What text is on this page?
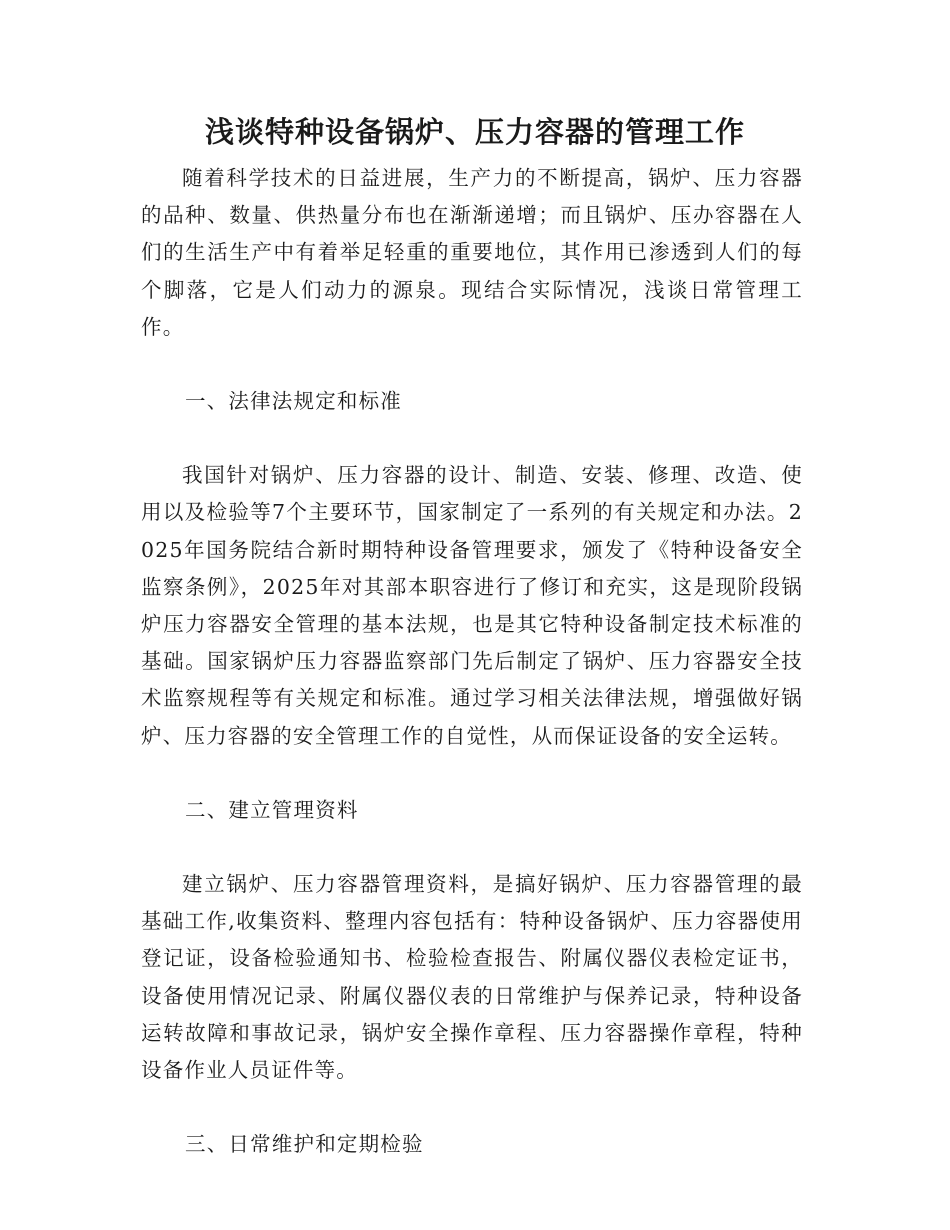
浅谈特种设备锅炉、压力容器的管理工作

随着科学技术的日益进展，生产力的不断提高，锅炉、压力容器的品种、数量、供热量分布也在渐渐递增；而且锅炉、压办容器在人们的生活生产中有着举足轻重的重要地位，其作用已渗透到人们的每个脚落，它是人们动力的源泉。现结合实际情况，浅谈日常管理工作。

一、法律法规定和标准

我国针对锅炉、压力容器的设计、制造、安装、修理、改造、使用以及检验等7个主要环节，国家制定了一系列的有关规定和办法。2025年国务院结合新时期特种设备管理要求，颁发了《特种设备安全监察条例》，2025年对其部本职容进行了修订和充实，这是现阶段锅炉压力容器安全管理的基本法规，也是其它特种设备制定技术标准的基础。国家锅炉压力容器监察部门先后制定了锅炉、压力容器安全技术监察规程等有关规定和标准。通过学习相关法律法规，增强做好锅炉、压力容器的安全管理工作的自觉性，从而保证设备的安全运转。

二、建立管理资料

建立锅炉、压力容器管理资料，是搞好锅炉、压力容器管理的最基础工作,收集资料、整理内容包括有：特种设备锅炉、压力容器使用登记证，设备检验通知书、检验检查报告、附属仪器仪表检定证书，设备使用情况记录、附属仪器仪表的日常维护与保养记录，特种设备运转故障和事故记录，锅炉安全操作章程、压力容器操作章程，特种设备作业人员证件等。

三、日常维护和定期检验
